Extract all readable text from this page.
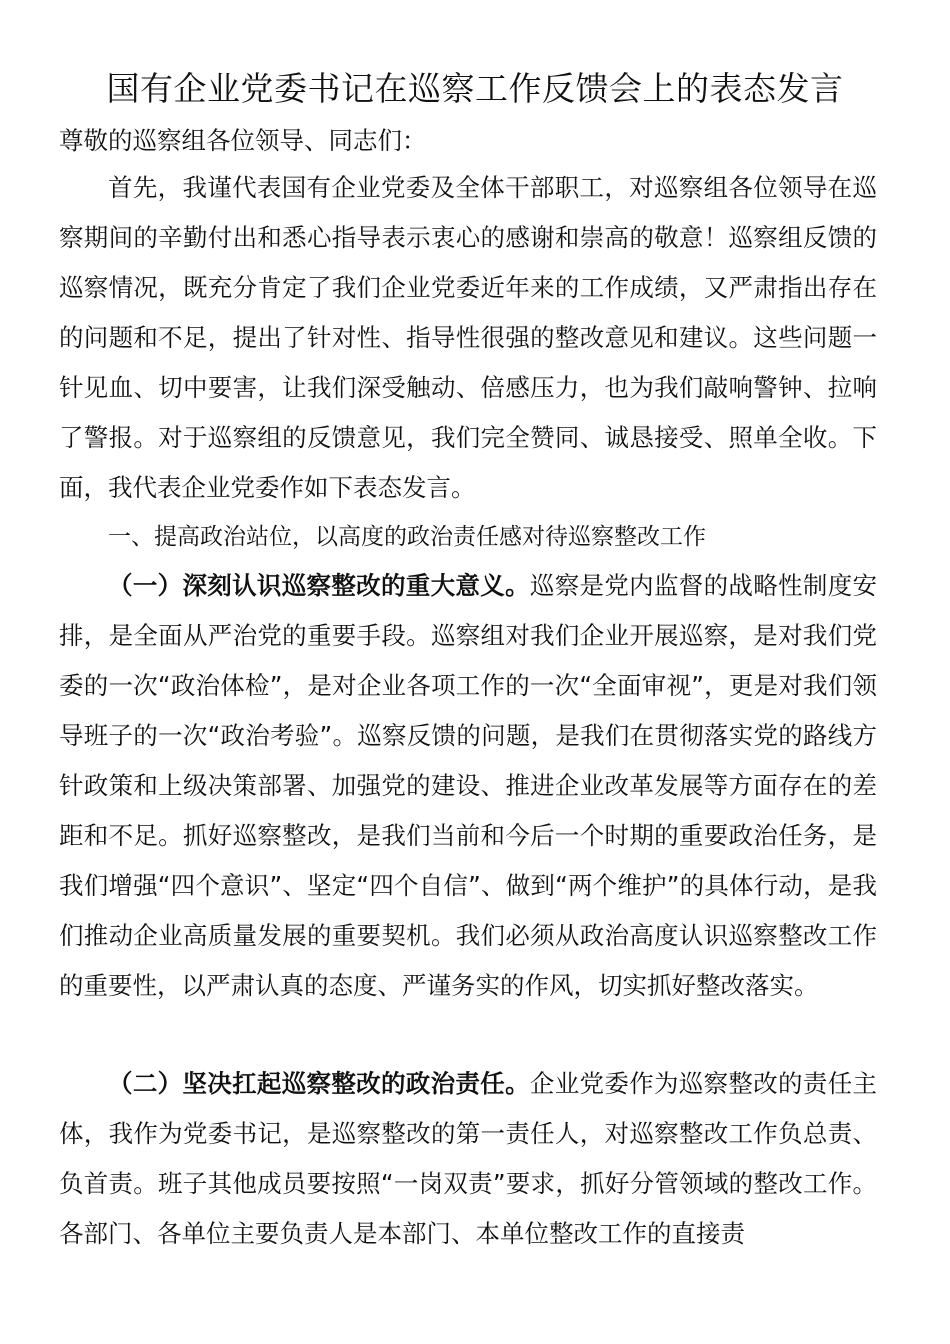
国有企业党委书记在巡察工作反馈会上的表态发言
尊敬的巡察组各位领导、同志们：

首先，我谨代表国有企业党委及全体干部职工，对巡察组各位领导在巡察期间的辛勤付出和悉心指导表示衷心的感谢和崇高的敬意！巡察组反馈的巡察情况，既充分肯定了我们企业党委近年来的工作成绩，又严肃指出存在的问题和不足，提出了针对性、指导性很强的整改意见和建议。这些问题一针见血、切中要害，让我们深受触动、倍感压力，也为我们敲响警钟、拉响了警报。对于巡察组的反馈意见，我们完全赞同、诚恳接受、照单全收。下面，我代表企业党委作如下表态发言。

一、提高政治站位，以高度的政治责任感对待巡察整改工作

（一）深刻认识巡察整改的重大意义。巡察是党内监督的战略性制度安排，是全面从严治党的重要手段。巡察组对我们企业开展巡察，是对我们党委的一次“政治体检”，是对企业各项工作的一次“全面审视”，更是对我们领导班子的一次“政治考验”。巡察反馈的问题，是我们在贯彻落实党的路线方针政策和上级决策部署、加强党的建设、推进企业改革发展等方面存在的差距和不足。抓好巡察整改，是我们当前和今后一个时期的重要政治任务，是我们增强“四个意识”、坚定“四个自信”、做到“两个维护”的具体行动，是我们推动企业高质量发展的重要契机。我们必须从政治高度认识巡察整改工作的重要性，以严肃认真的态度、严谨务实的作风，切实抓好整改落实。

（二）坚决扛起巡察整改的政治责任。企业党委作为巡察整改的责任主体，我作为党委书记，是巡察整改的第一责任人，对巡察整改工作负总责、负首责。班子其他成员要按照“一岗双责”要求，抓好分管领域的整改工作。各部门、各单位主要负责人是本部门、本单位整改工作的直接责
